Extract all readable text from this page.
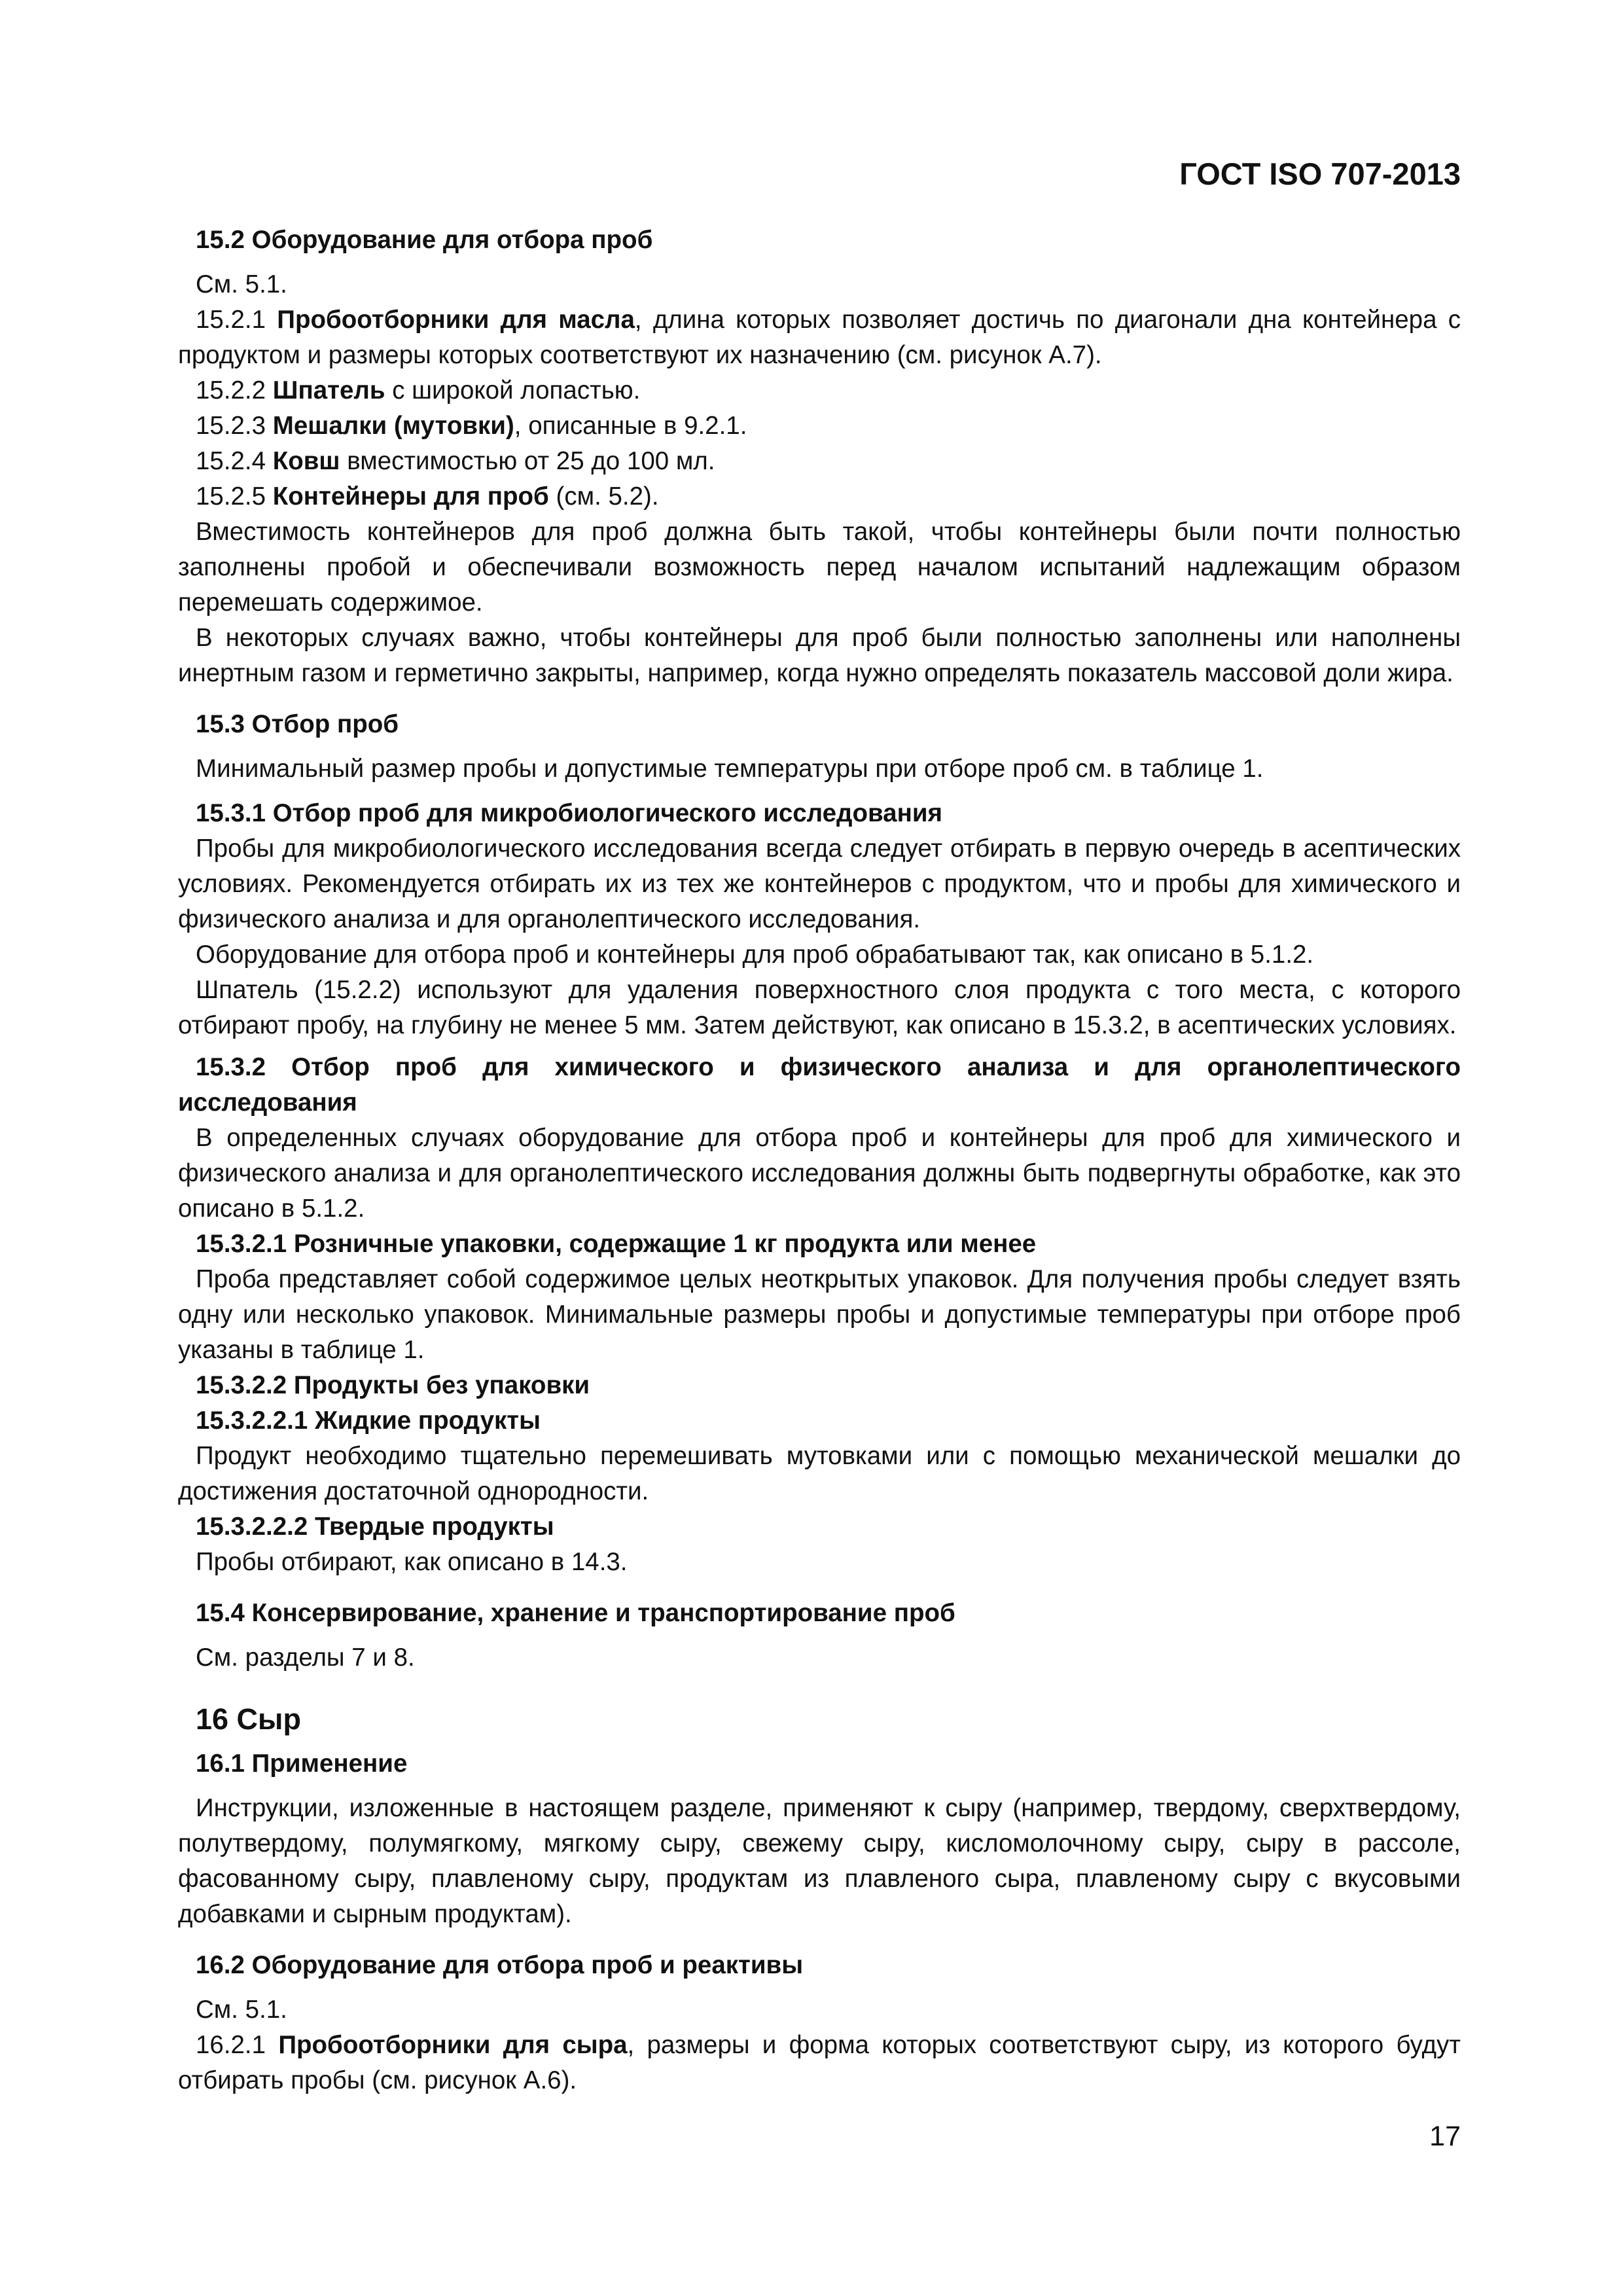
ГОСТ ISO 707-2013

15.2 Оборудование для отбора проб

См. 5.1.

15.2.1 Пробоотборники для масла, длина которых позволяет достичь по диагонали дна контейнера с продуктом и размеры которых соответствуют их назначению (см. рисунок А.7).

15.2.2 Шпатель с широкой лопастью.

15.2.3 Мешалки (мутовки), описанные в 9.2.1.

15.2.4 Ковш вместимостью от 25 до 100 мл.

15.2.5 Контейнеры для проб (см. 5.2).

Вместимость контейнеров для проб должна быть такой, чтобы контейнеры были почти полностью заполнены пробой и обеспечивали возможность перед началом испытаний надлежащим образом перемешать содержимое.

В некоторых случаях важно, чтобы контейнеры для проб были полностью заполнены или наполнены инертным газом и герметично закрыты, например, когда нужно определять показатель массовой доли жира.

15.3 Отбор проб

Минимальный размер пробы и допустимые температуры при отборе проб см. в таблице 1.

15.3.1 Отбор проб для микробиологического исследования

Пробы для микробиологического исследования всегда следует отбирать в первую очередь в асептических условиях. Рекомендуется отбирать их из тех же контейнеров с продуктом, что и пробы для химического и физического анализа и для органолептического исследования.

Оборудование для отбора проб и контейнеры для проб обрабатывают так, как описано в 5.1.2.

Шпатель (15.2.2) используют для удаления поверхностного слоя продукта с того места, с которого отбирают пробу, на глубину не менее 5 мм. Затем действуют, как описано в 15.3.2, в асептических условиях.

15.3.2 Отбор проб для химического и физического анализа и для органолептического исследования

В определенных случаях оборудование для отбора проб и контейнеры для проб для химического и физического анализа и для органолептического исследования должны быть подвергнуты обработке, как это описано в 5.1.2.

15.3.2.1 Розничные упаковки, содержащие 1 кг продукта или менее

Проба представляет собой содержимое целых неоткрытых упаковок. Для получения пробы следует взять одну или несколько упаковок. Минимальные размеры пробы и допустимые температуры при отборе проб указаны в таблице 1.

15.3.2.2 Продукты без упаковки

15.3.2.2.1 Жидкие продукты

Продукт необходимо тщательно перемешивать мутовками или с помощью механической мешалки до достижения достаточной однородности.

15.3.2.2.2 Твердые продукты

Пробы отбирают, как описано в 14.3.

15.4 Консервирование, хранение и транспортирование проб

См. разделы 7 и 8.

16 Сыр

16.1 Применение

Инструкции, изложенные в настоящем разделе, применяют к сыру (например, твердому, сверхтвердому, полутвердому, полумягкому, мягкому сыру, свежему сыру, кисломолочному сыру, сыру в рассоле, фасованному сыру, плавленому сыру, продуктам из плавленого сыра, плавленому сыру с вкусовыми добавками и сырным продуктам).

16.2 Оборудование для отбора проб и реактивы

См. 5.1.

16.2.1 Пробоотборники для сыра, размеры и форма которых соответствуют сыру, из которого будут отбирать пробы (см. рисунок А.6).

17
